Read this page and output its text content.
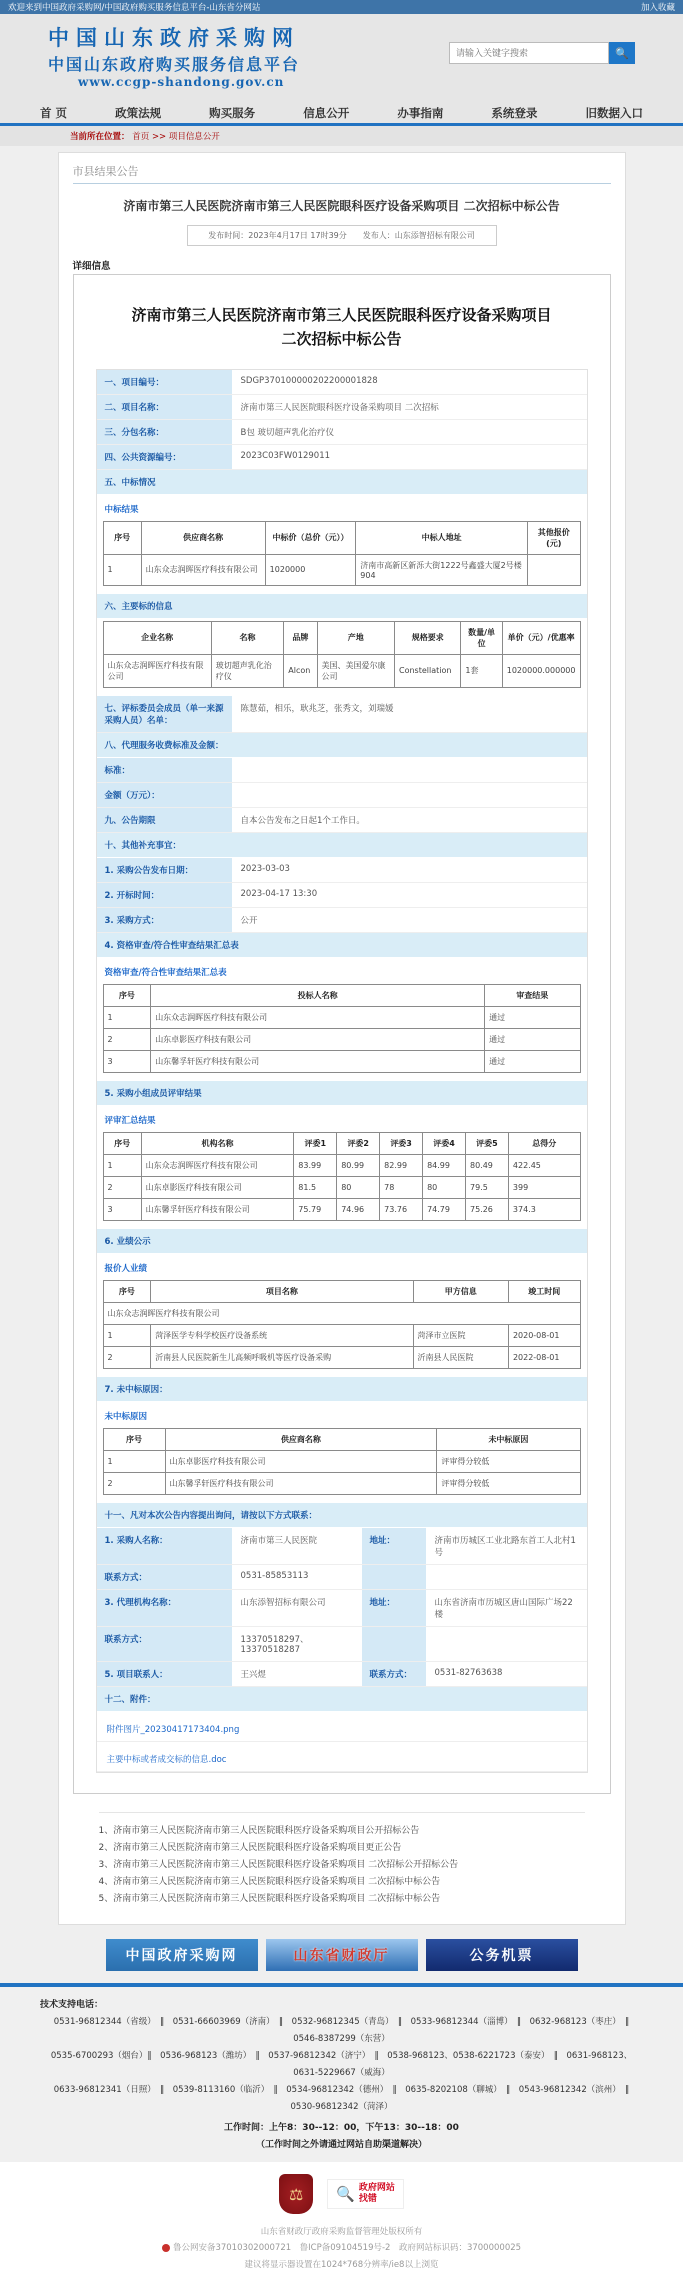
欢迎来到中国政府采购网/中国政府购买服务信息平台-山东省分网站	加入收藏
中国山东政府采购网
中国山东政府购买服务信息平台
www.ccgp-shandong.gov.cn
请输入关键字搜索
🔍
首 页	政策法规	购买服务	信息公开	办事指南	系统登录	旧数据入口
当前所在位置： 首页 >> 项目信息公开
市县结果公告
济南市第三人民医院济南市第三人民医院眼科医疗设备采购项目 二次招标中标公告
发布时间：2023年4月17日 17时39分　　发布人：山东添智招标有限公司
详细信息
济南市第三人民医院济南市第三人民医院眼科医疗设备采购项目
二次招标中标公告
一、项目编号：	SDGP370100000202200001828
二、项目名称：	济南市第三人民医院眼科医疗设备采购项目 二次招标
三、分包名称：	B包 玻切超声乳化治疗仪
四、公共资源编号：	2023C03FW0129011
五、中标情况
中标结果
序号	供应商名称	中标价（总价（元））	中标人地址	其他报价(元)
1	山东众志润晖医疗科技有限公司	1020000	济南市高新区新泺大街1222号鑫盛大厦2号楼904	
六、主要标的信息
企业名称	名称	品牌	产地	规格要求	数量/单位	单价（元）/优惠率
山东众志润晖医疗科技有限公司	玻切超声乳化治疗仪	Alcon	美国、美国爱尔康公司	Constellation	1套	1020000.000000
七、评标委员会成员（单一来源采购人员）名单：
陈慧茹，相乐，耿兆芝，张秀文，刘瑞媛
八、代理服务收费标准及金额：
标准：
金额（万元）：
九、公告期限	自本公告发布之日起1个工作日。
十、其他补充事宜：
1. 采购公告发布日期：	2023-03-03
2. 开标时间：	2023-04-17 13:30
3. 采购方式：	公开
4. 资格审查/符合性审查结果汇总表
资格审查/符合性审查结果汇总表
序号	投标人名称	审查结果
1	山东众志润晖医疗科技有限公司	通过
2	山东卓影医疗科技有限公司	通过
3	山东馨孚轩医疗科技有限公司	通过
5. 采购小组成员评审结果
评审汇总结果
序号	机构名称	评委1	评委2	评委3	评委4	评委5	总得分
1	山东众志润晖医疗科技有限公司	83.99	80.99	82.99	84.99	80.49	422.45
2	山东卓影医疗科技有限公司	81.5	80	78	80	79.5	399
3	山东馨孚轩医疗科技有限公司	75.79	74.96	73.76	74.79	75.26	374.3
6. 业绩公示
报价人业绩
序号	项目名称	甲方信息	竣工时间
山东众志润晖医疗科技有限公司			
1	菏泽医学专科学校医疗设备系统	菏泽市立医院	2020-08-01
2	沂南县人民医院新生儿高频呼吸机等医疗设备采购	沂南县人民医院	2022-08-01
7. 未中标原因：
未中标原因
序号	供应商名称	未中标原因
1	山东卓影医疗科技有限公司	评审得分较低
2	山东馨孚轩医疗科技有限公司	评审得分较低
十一、凡对本次公告内容提出询问，请按以下方式联系：
1. 采购人名称：	济南市第三人民医院	地址：	济南市历城区工业北路东首工人北村1号
联系方式：	0531-85853113
3. 代理机构名称：	山东添智招标有限公司	地址：	山东省济南市历城区唐山国际广场22楼
联系方式：	13370518297、13370518287
5. 项目联系人：	王兴煜	联系方式：	0531-82763638
十二、附件：
附件图片_20230417173404.png
主要中标或者成交标的信息.doc
1、济南市第三人民医院济南市第三人民医院眼科医疗设备采购项目公开招标公告
2、济南市第三人民医院济南市第三人民医院眼科医疗设备采购项目更正公告
3、济南市第三人民医院济南市第三人民医院眼科医疗设备采购项目 二次招标公开招标公告
4、济南市第三人民医院济南市第三人民医院眼科医疗设备采购项目 二次招标中标公告
5、济南市第三人民医院济南市第三人民医院眼科医疗设备采购项目 二次招标中标公告
中国政府采购网	山东省财政厅	公务机票
技术支持电话：
0531-96812344（省级）　‖　0531-66603969（济南）　‖　0532-96812345（青岛）　‖　0533-96812344（淄博）　‖　0632-968123（枣庄）　‖　0546-8387299（东营）
0535-6700293（烟台）‖　0536-968123（潍坊）　‖　0537-96812342（济宁）　‖　0538-968123、0538-6221723（泰安）　‖　0631-968123、0631-5229667（威海）
0633-96812341（日照）　‖　0539-8113160（临沂）　‖　0534-96812342（德州）　‖　0635-8202108（聊城）　‖　0543-96812342（滨州）　‖　0530-96812342（菏泽）
工作时间：上午8：30--12：00，下午13：30--18：00
（工作时间之外请通过网站自助渠道解决）
⚖ 🔍 政府网站
找错
山东省财政厅政府采购监督管理处版权所有
鲁公网安备37010302000721　鲁ICP备09104519号-2　政府网站标识码：3700000025
建议将显示器设置在1024*768分辨率/ie8以上浏览
